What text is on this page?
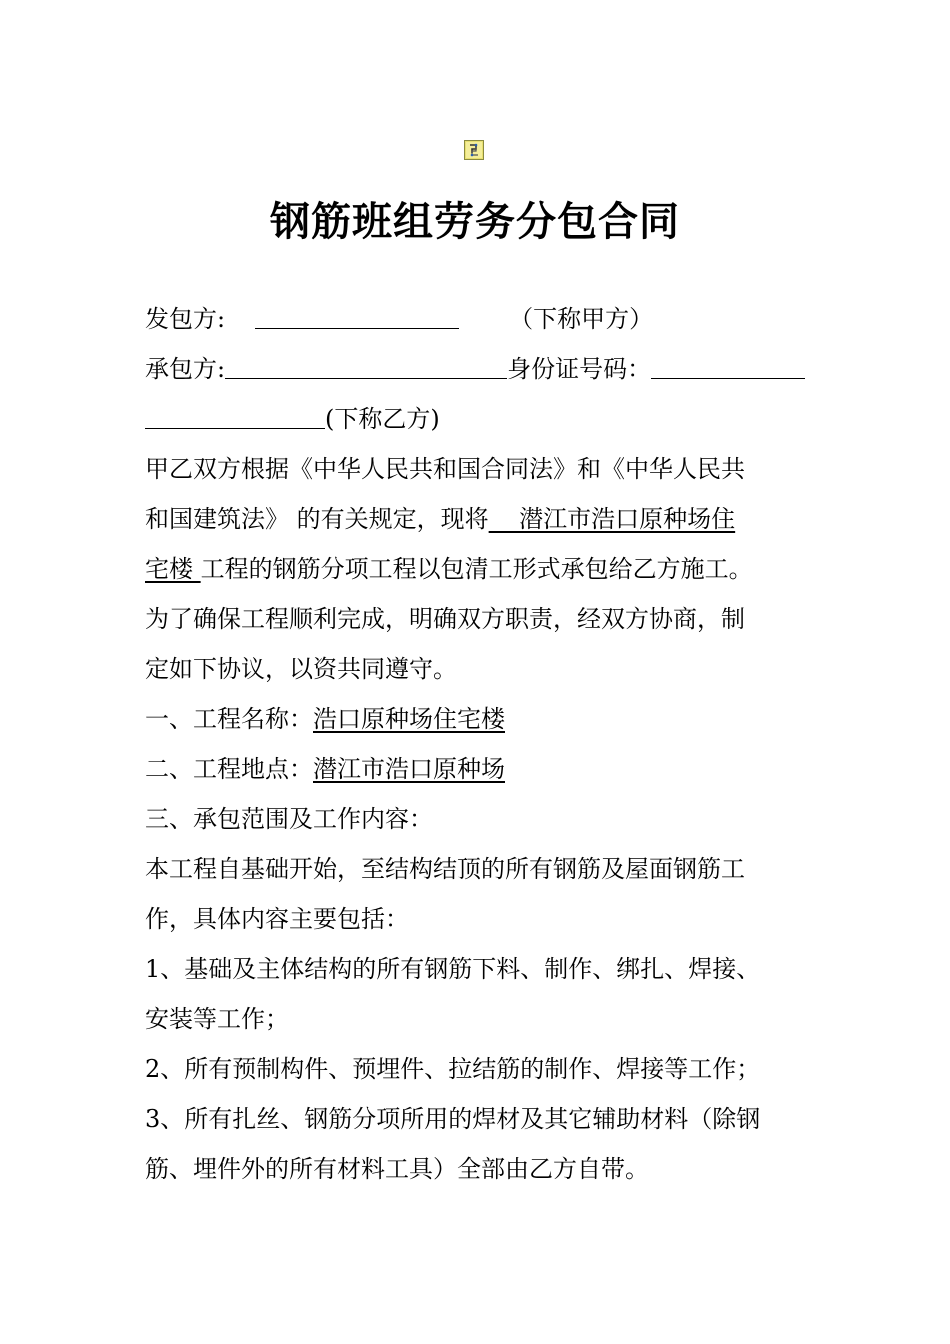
钢筋班组劳务分包合同
发包方:	（下称甲方）
承包方:	身份证号码：
(下称乙方)
甲乙双方根据《中华人民共和国合同法》和《中华人民共
和国建筑法》 的有关规定，现将    潜江市浩口原种场住
宅楼 工程的钢筋分项工程以包清工形式承包给乙方施工。
为了确保工程顺利完成，明确双方职责，经双方协商，制
定如下协议，以资共同遵守。
一、工程名称：浩口原种场住宅楼
二、工程地点：潜江市浩口原种场
三、承包范围及工作内容：
本工程自基础开始，至结构结顶的所有钢筋及屋面钢筋工
作，具体内容主要包括：
1、基础及主体结构的所有钢筋下料、制作、绑扎、焊接、
安装等工作；
2、所有预制构件、预埋件、拉结筋的制作、焊接等工作；
3、所有扎丝、钢筋分项所用的焊材及其它辅助材料（除钢
筋、埋件外的所有材料工具）全部由乙方自带。
